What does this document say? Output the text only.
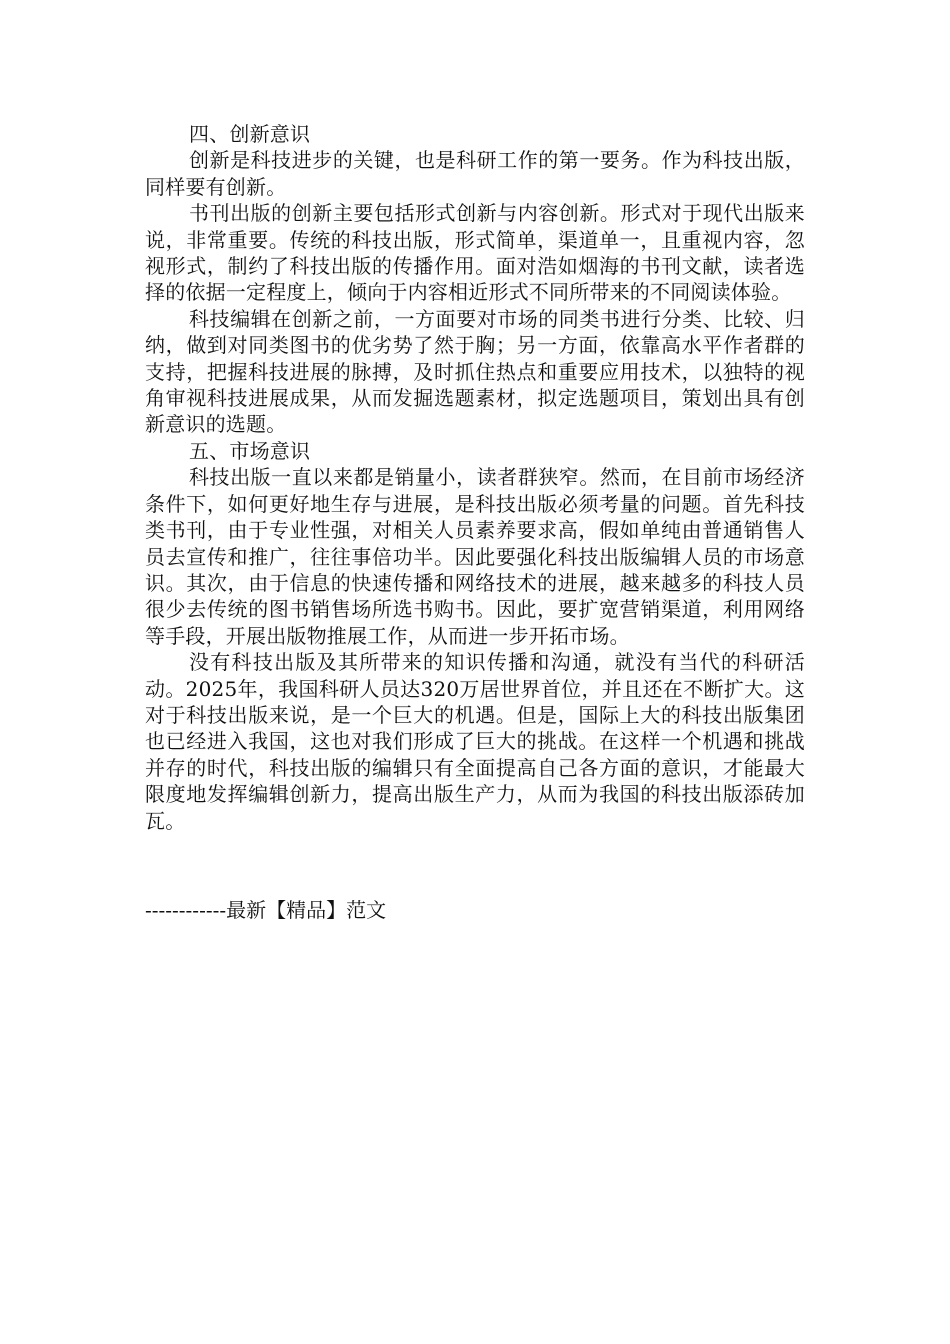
四、创新意识

创新是科技进步的关键，也是科研工作的第一要务。作为科技出版，同样要有创新。

书刊出版的创新主要包括形式创新与内容创新。形式对于现代出版来说，非常重要。传统的科技出版，形式简单，渠道单一，且重视内容，忽视形式，制约了科技出版的传播作用。面对浩如烟海的书刊文献，读者选择的依据一定程度上，倾向于内容相近形式不同所带来的不同阅读体验。

科技编辑在创新之前，一方面要对市场的同类书进行分类、比较、归纳，做到对同类图书的优劣势了然于胸；另一方面，依靠高水平作者群的支持，把握科技进展的脉搏，及时抓住热点和重要应用技术，以独特的视角审视科技进展成果，从而发掘选题素材，拟定选题项目，策划出具有创新意识的选题。

五、市场意识

科技出版一直以来都是销量小，读者群狭窄。然而，在目前市场经济条件下，如何更好地生存与进展，是科技出版必须考量的问题。首先科技类书刊，由于专业性强，对相关人员素养要求高，假如单纯由普通销售人员去宣传和推广，往往事倍功半。因此要强化科技出版编辑人员的市场意识。其次，由于信息的快速传播和网络技术的进展，越来越多的科技人员很少去传统的图书销售场所选书购书。因此，要扩宽营销渠道，利用网络等手段，开展出版物推展工作，从而进一步开拓市场。

没有科技出版及其所带来的知识传播和沟通，就没有当代的科研活动。2025年，我国科研人员达320万居世界首位，并且还在不断扩大。这对于科技出版来说，是一个巨大的机遇。但是，国际上大的科技出版集团也已经进入我国，这也对我们形成了巨大的挑战。在这样一个机遇和挑战并存的时代，科技出版的编辑只有全面提高自己各方面的意识，才能最大限度地发挥编辑创新力，提高出版生产力，从而为我国的科技出版添砖加瓦。

------------最新【精品】范文
